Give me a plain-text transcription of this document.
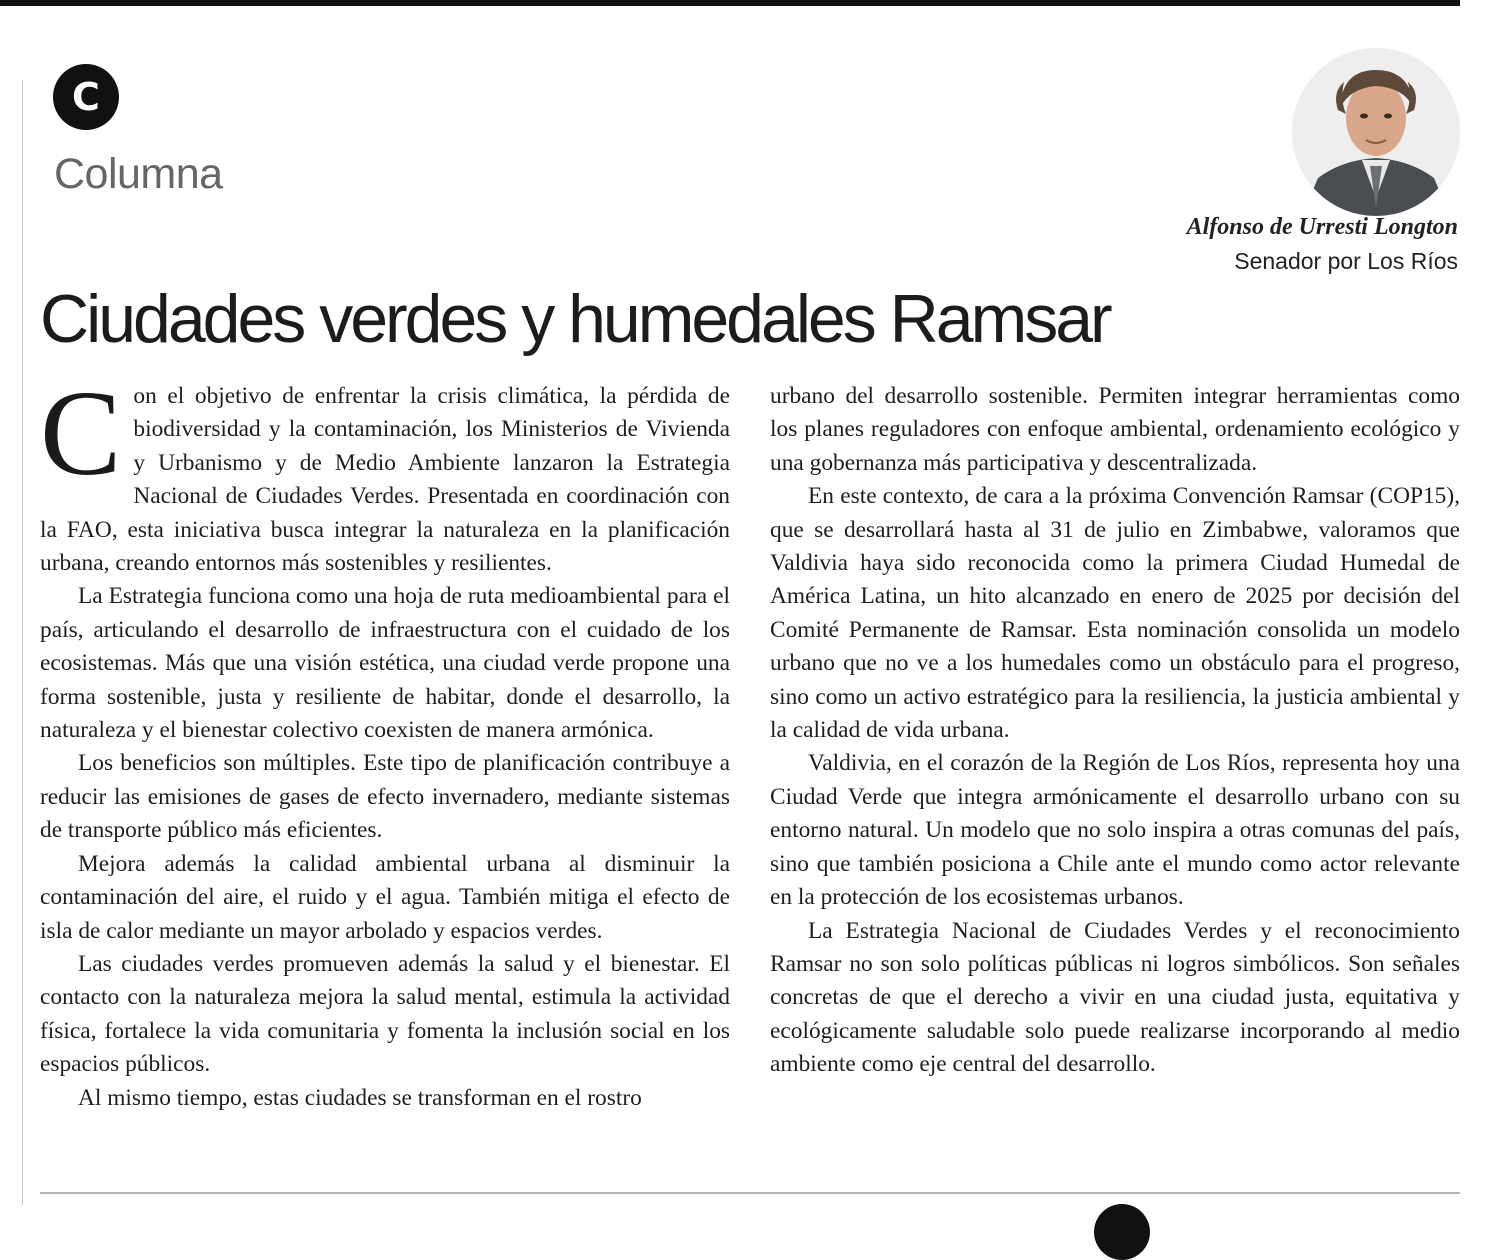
C
Columna
Alfonso de Urresti Longton
Senador por Los Ríos
Ciudades verdes y humedales Ramsar

Con el objetivo de enfrentar la crisis climática, la pérdida de biodiversidad y la contaminación, los Ministerios de Vivienda y Urbanismo y de Medio Ambiente lanzaron la Estrategia Nacional de Ciudades Verdes. Presentada en coordinación con la FAO, esta iniciativa busca integrar la naturaleza en la planificación urbana, creando entornos más sostenibles y resilientes.

La Estrategia funciona como una hoja de ruta medioambiental para el país, articulando el desarrollo de infraestructura con el cuidado de los ecosistemas. Más que una visión estética, una ciudad verde propone una forma sostenible, justa y resiliente de habitar, donde el desarrollo, la naturaleza y el bienestar colectivo coexisten de manera armónica.

Los beneficios son múltiples. Este tipo de planificación contribuye a reducir las emisiones de gases de efecto invernadero, mediante sistemas de transporte público más eficientes.

Mejora además la calidad ambiental urbana al disminuir la contaminación del aire, el ruido y el agua. También mitiga el efecto de isla de calor mediante un mayor arbolado y espacios verdes.

Las ciudades verdes promueven además la salud y el bienestar. El contacto con la naturaleza mejora la salud mental, estimula la actividad física, fortalece la vida comunitaria y fomenta la inclusión social en los espacios públicos.

Al mismo tiempo, estas ciudades se transforman en el rostro

urbano del desarrollo sostenible. Permiten integrar herramientas como los planes reguladores con enfoque ambiental, ordenamiento ecológico y una gobernanza más participativa y descentralizada.

En este contexto, de cara a la próxima Convención Ramsar (COP15), que se desarrollará hasta al 31 de julio en Zimbabwe, valoramos que Valdivia haya sido reconocida como la primera Ciudad Humedal de América Latina, un hito alcanzado en enero de 2025 por decisión del Comité Permanente de Ramsar. Esta nominación consolida un modelo urbano que no ve a los humedales como un obstáculo para el progreso, sino como un activo estratégico para la resiliencia, la justicia ambiental y la calidad de vida urbana.

Valdivia, en el corazón de la Región de Los Ríos, representa hoy una Ciudad Verde que integra armónicamente el desarrollo urbano con su entorno natural. Un modelo que no solo inspira a otras comunas del país, sino que también posiciona a Chile ante el mundo como actor relevante en la protección de los ecosistemas urbanos.

La Estrategia Nacional de Ciudades Verdes y el reconocimiento Ramsar no son solo políticas públicas ni logros simbólicos. Son señales concretas de que el derecho a vivir en una ciudad justa, equitativa y ecológicamente saludable solo puede realizarse incorporando al medio ambiente como eje central del desarrollo.
